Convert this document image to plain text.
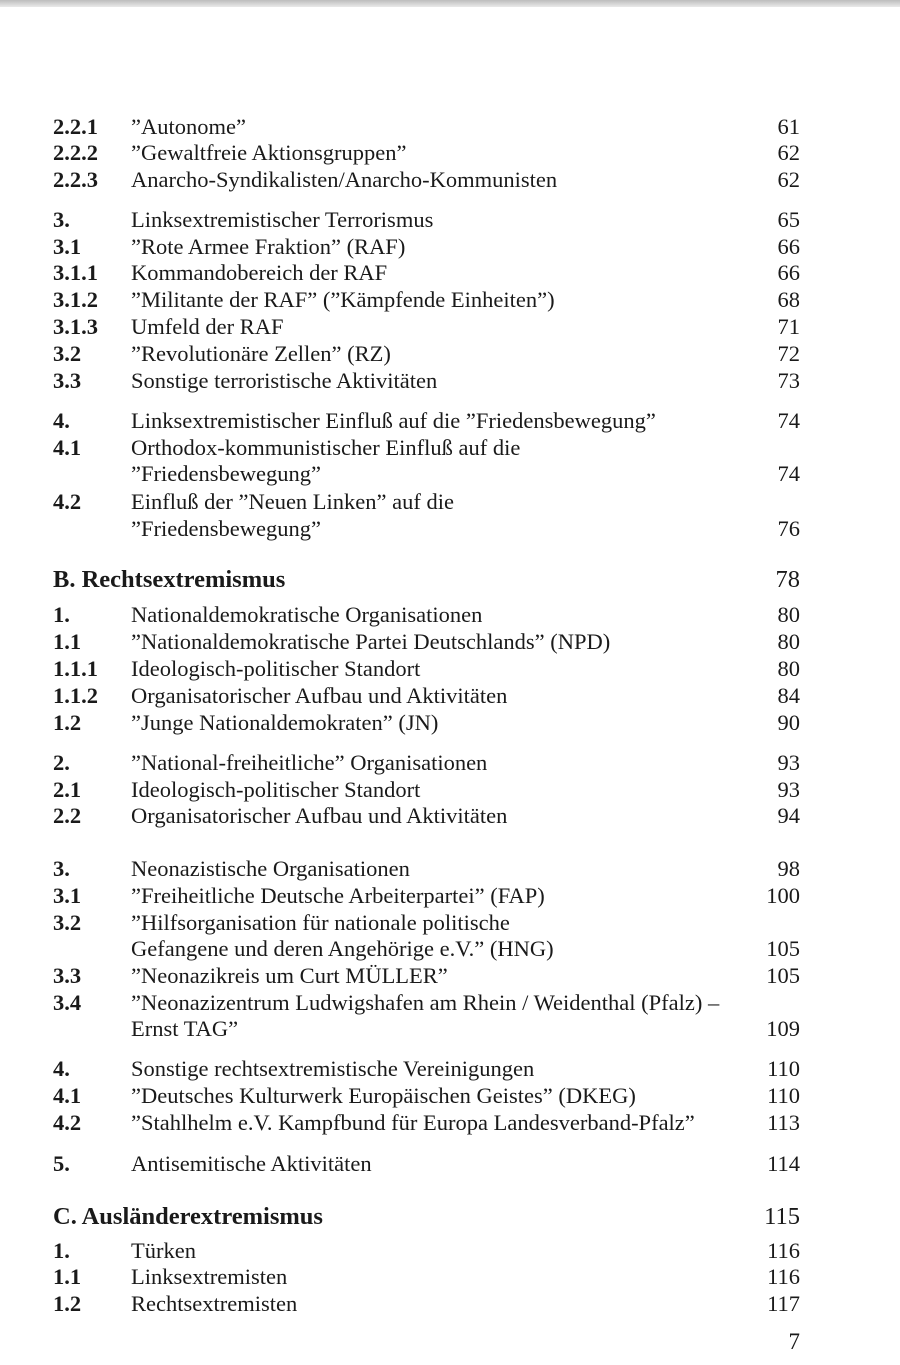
2.2.1 ”Autonome”	61
2.2.2 ”Gewaltfreie Aktionsgruppen”	62
2.2.3 Anarcho-Syndikalisten/Anarcho-Kommunisten	62
3.	Linksextremistischer Terrorismus	65
3.1 ”Rote Armee Fraktion” (RAF)	66
3.1.1 Kommandobereich der RAF	66
3.1.2 ”Militante der RAF” (”Kämpfende Einheiten”)	68
3.1.3 Umfeld der RAF	71
3.2 ”Revolutionäre Zellen” (RZ)	72
3.3 Sonstige terroristische Aktivitäten	73
4.	Linksextremistischer Einfluß auf die ”Friedensbewegung”	74
4.1 Orthodox-kommunistischer Einfluß auf die
”Friedensbewegung”	74
4.2 Einfluß der ”Neuen Linken” auf die
”Friedensbewegung”	76
B. Rechtsextremismus	78
1.	Nationaldemokratische Organisationen	80
1.1 ”Nationaldemokratische Partei Deutschlands” (NPD)	80
1.1.1 Ideologisch-politischer Standort	80
1.1.2 Organisatorischer Aufbau und Aktivitäten	84
1.2 ”Junge Nationaldemokraten” (JN)	90
2.	”National-freiheitliche” Organisationen	93
2.1 Ideologisch-politischer Standort	93
2.2 Organisatorischer Aufbau und Aktivitäten	94
3.	Neonazistische Organisationen	98
3.1 ”Freiheitliche Deutsche Arbeiterpartei” (FAP)	100
3.2 ”Hilfsorganisation für nationale politische
Gefangene und deren Angehörige e.V.” (HNG)	105
3.3 ”Neonazikreis um Curt MÜLLER”	105
3.4 ”Neonazizentrum Ludwigshafen am Rhein / Weidenthal (Pfalz) –
Ernst TAG”	109
4.	Sonstige rechtsextremistische Vereinigungen	110
4.1 ”Deutsches Kulturwerk Europäischen Geistes” (DKEG)	110
4.2 ”Stahlhelm e.V. Kampfbund für Europa Landesverband-Pfalz”	113
5.	Antisemitische Aktivitäten	114
C. Ausländerextremismus	115
1.	Türken	116
1.1 Linksextremisten	116
1.2 Rechtsextremisten	117
7
